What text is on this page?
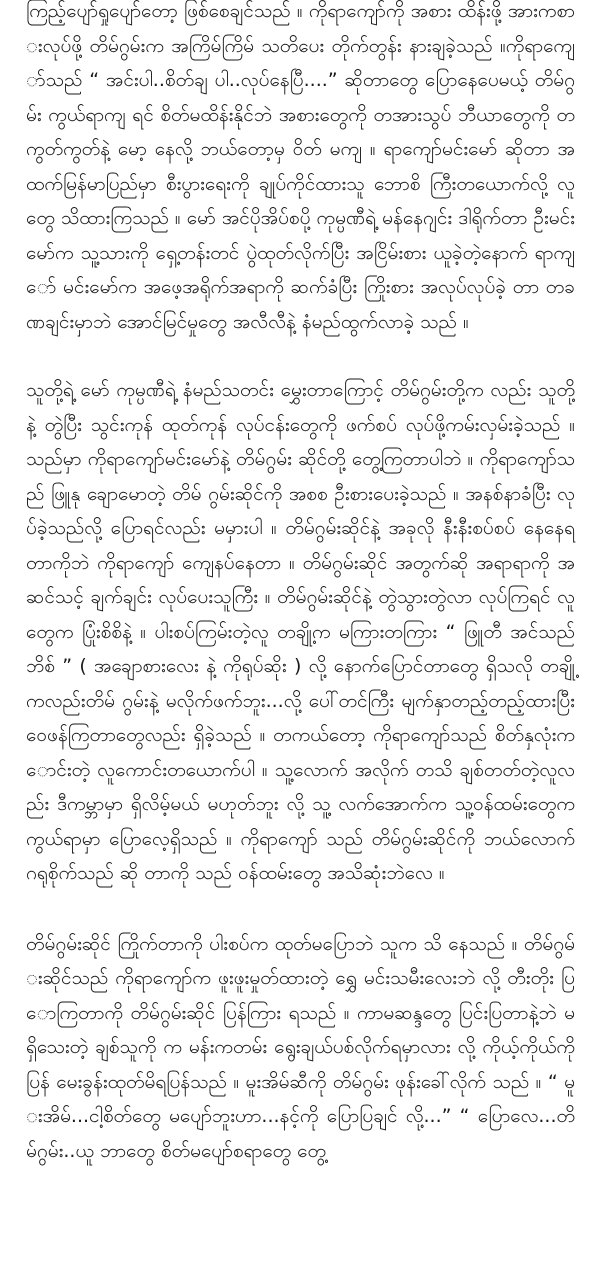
ကြည့်ပျော်ရှုပျော်တော့ ဖြစ်စေချင်သည် ။ ကိုရာကျော်ကို အစား ထိန်းဖို့ အားကစားလုပ်ဖို့ တိမ်ဂွမ်းက အကြိမ်ကြိမ် သတိပေး တိုက်တွန်း နားချခဲ့သည် ။ကိုရာကျော်သည် “ အင်းပါ..စိတ်ချ ပါ..လုပ်နေပြီ....” ဆိုတာတွေ ပြောနေပေမယ့် တိမ်ဂွမ်း ကွယ်ရာကျ ရင် စိတ်မထိန်းနိုင်ဘဲ အစားတွေကို တအားသွပ် ဘီယာတွေကို တ ကွတ်ကွတ်နဲ့ မော့ နေလို့ ဘယ်တော့မှ ဝိတ် မကျ ။ ရာကျော်မင်းမော် ဆိုတာ အထက်မြန်မာပြည်မှာ စီးပွားရေးကို ချုပ်ကိုင်ထားသူ ဘောစိ ကြီးတယောက်လို့ လူတွေ သိထားကြသည် ။ မော် အင်ပိုအိပ်စပို့ ကုမ္ပဏီရဲ့ မန်နေဂျင်း ဒါရိုက်တာ ဦးမင်းမော်က သူ့သားကို ရှေ့တန်းတင် ပွဲထုတ်လိုက်ပြီး အငြိမ်းစား ယူခဲ့တဲ့နောက် ရာကျော် မင်းမော်က အဖေ့အရိုက်အရာကို ဆက်ခံပြီး ကြိုးစား အလုပ်လုပ်ခဲ့ တာ တခဏချင်းမှာဘဲ အောင်မြင်မှုတွေ အလီလီနဲ့ နံမည်ထွက်လာခဲ့ သည် ။

သူတို့ရဲ့ မော် ကုမ္ပဏီရဲ့ နံမည်သတင်း မွှေးတာကြောင့် တိမ်ဂွမ်းတို့က လည်း သူတို့နဲ့ တွဲပြီး သွင်းကုန် ထုတ်ကုန် လုပ်ငန်းတွေကို ဖက်စပ် လုပ်ဖို့ကမ်းလှမ်းခဲ့သည် ။ သည်မှာ ကိုရာကျော်မင်းမော်နဲ့ တိမ်ဂွမ်း ဆိုင်တို့ တွေ့ကြတာပါဘဲ ။ ကိုရာကျော်သည် ဖြူနု ချောမောတဲ့ တိမ် ဂွမ်းဆိုင်ကို အစစ ဦးစားပေးခဲ့သည် ။ အနစ်နာခံပြီး လုပ်ခဲ့သည်လို့ ပြောရင်လည်း မမှားပါ ။ တိမ်ဂွမ်းဆိုင်နဲ့ အခုလို နီးနီးစပ်စပ် နေနေရ တာကိုဘဲ ကိုရာကျော် ကျေနပ်နေတာ ။ တိမ်ဂွမ်းဆိုင် အတွက်ဆို အရာရာကို အဆင်သင့် ချက်ချင်း လုပ်ပေးသူကြီး ။ တိမ်ဂွမ်းဆိုင်နဲ့ တွဲသွားတွဲလာ လုပ်ကြရင် လူတွေက ပြုံးစိစိနဲ့ ။ ပါးစပ်ကြမ်းတဲ့လူ တချို့က မကြားတကြား “ ဖြူတီ အင်သည် ဘိစ် ” ( အချောစားလေး နဲ့ ကိုရုပ်ဆိုး ) လို့ နောက်ပြောင်တာတွေ ရှိသလို တချို့ကလည်းတိမ် ဂွမ်းနဲ့ မလိုက်ဖက်ဘူး...လို့ ပေါ်တင်ကြီး မျက်နှာတည့်တည့်ထားပြီး ဝေဖန်ကြတာတွေလည်း ရှိခဲ့သည် ။ တကယ်တော့ ကိုရာကျော်သည် စိတ်နှလုံးကောင်းတဲ့ လူကောင်းတယောက်ပါ ။ သူ့လောက် အလိုက် တသိ ချစ်တတ်တဲ့လူလည်း ဒီကမ္ဘာမှာ ရှိလိမ့်မယ် မဟုတ်ဘူး လို့ သူ့ လက်အောက်က သူ့ဝန်ထမ်းတွေက ကွယ်ရာမှာ ပြောလေ့ရှိသည် ။ ကိုရာကျော် သည် တိမ်ဂွမ်းဆိုင်ကို ဘယ်လောက် ဂရုစိုက်သည် ဆို တာကို သည် ဝန်ထမ်းတွေ အသိဆုံးဘဲလေ ။

တိမ်ဂွမ်းဆိုင် ကြိုက်တာကို ပါးစပ်က ထုတ်မပြောဘဲ သူက သိ နေသည် ။ တိမ်ဂွမ်းဆိုင်သည် ကိုရာကျော်က ဖူးဖူးမှုတ်ထားတဲ့ ရွှေ မင်းသမီးလေးဘဲ လို့ တီးတိုး ပြောကြတာကို တိမ်ဂွမ်းဆိုင် ပြန်ကြား ရသည် ။ ကာမဆန္ဒတွေ ပြင်းပြတာနဲ့ဘဲ မရှိသေးတဲ့ ချစ်သူကို က မန်းကတမ်း ရွေးချယ်ပစ်လိုက်ရမှာလား လို့ ကိုယ့်ကိုယ်ကို ပြန် မေးခွန်းထုတ်မိရပြန်သည် ။ မူးအိမ်ဆီကို တိမ်ဂွမ်း ဖုန်းခေါ်လိုက် သည် ။ “ မူးအိမ်...ငါ့စိတ်တွေ မပျော်ဘူးဟာ...နင့်ကို ပြောပြချင် လို့...” “ ပြောလေ...တိမ်ဂွမ်း..ယူ ဘာတွေ စိတ်မပျော်စရာတွေ တွေ့
